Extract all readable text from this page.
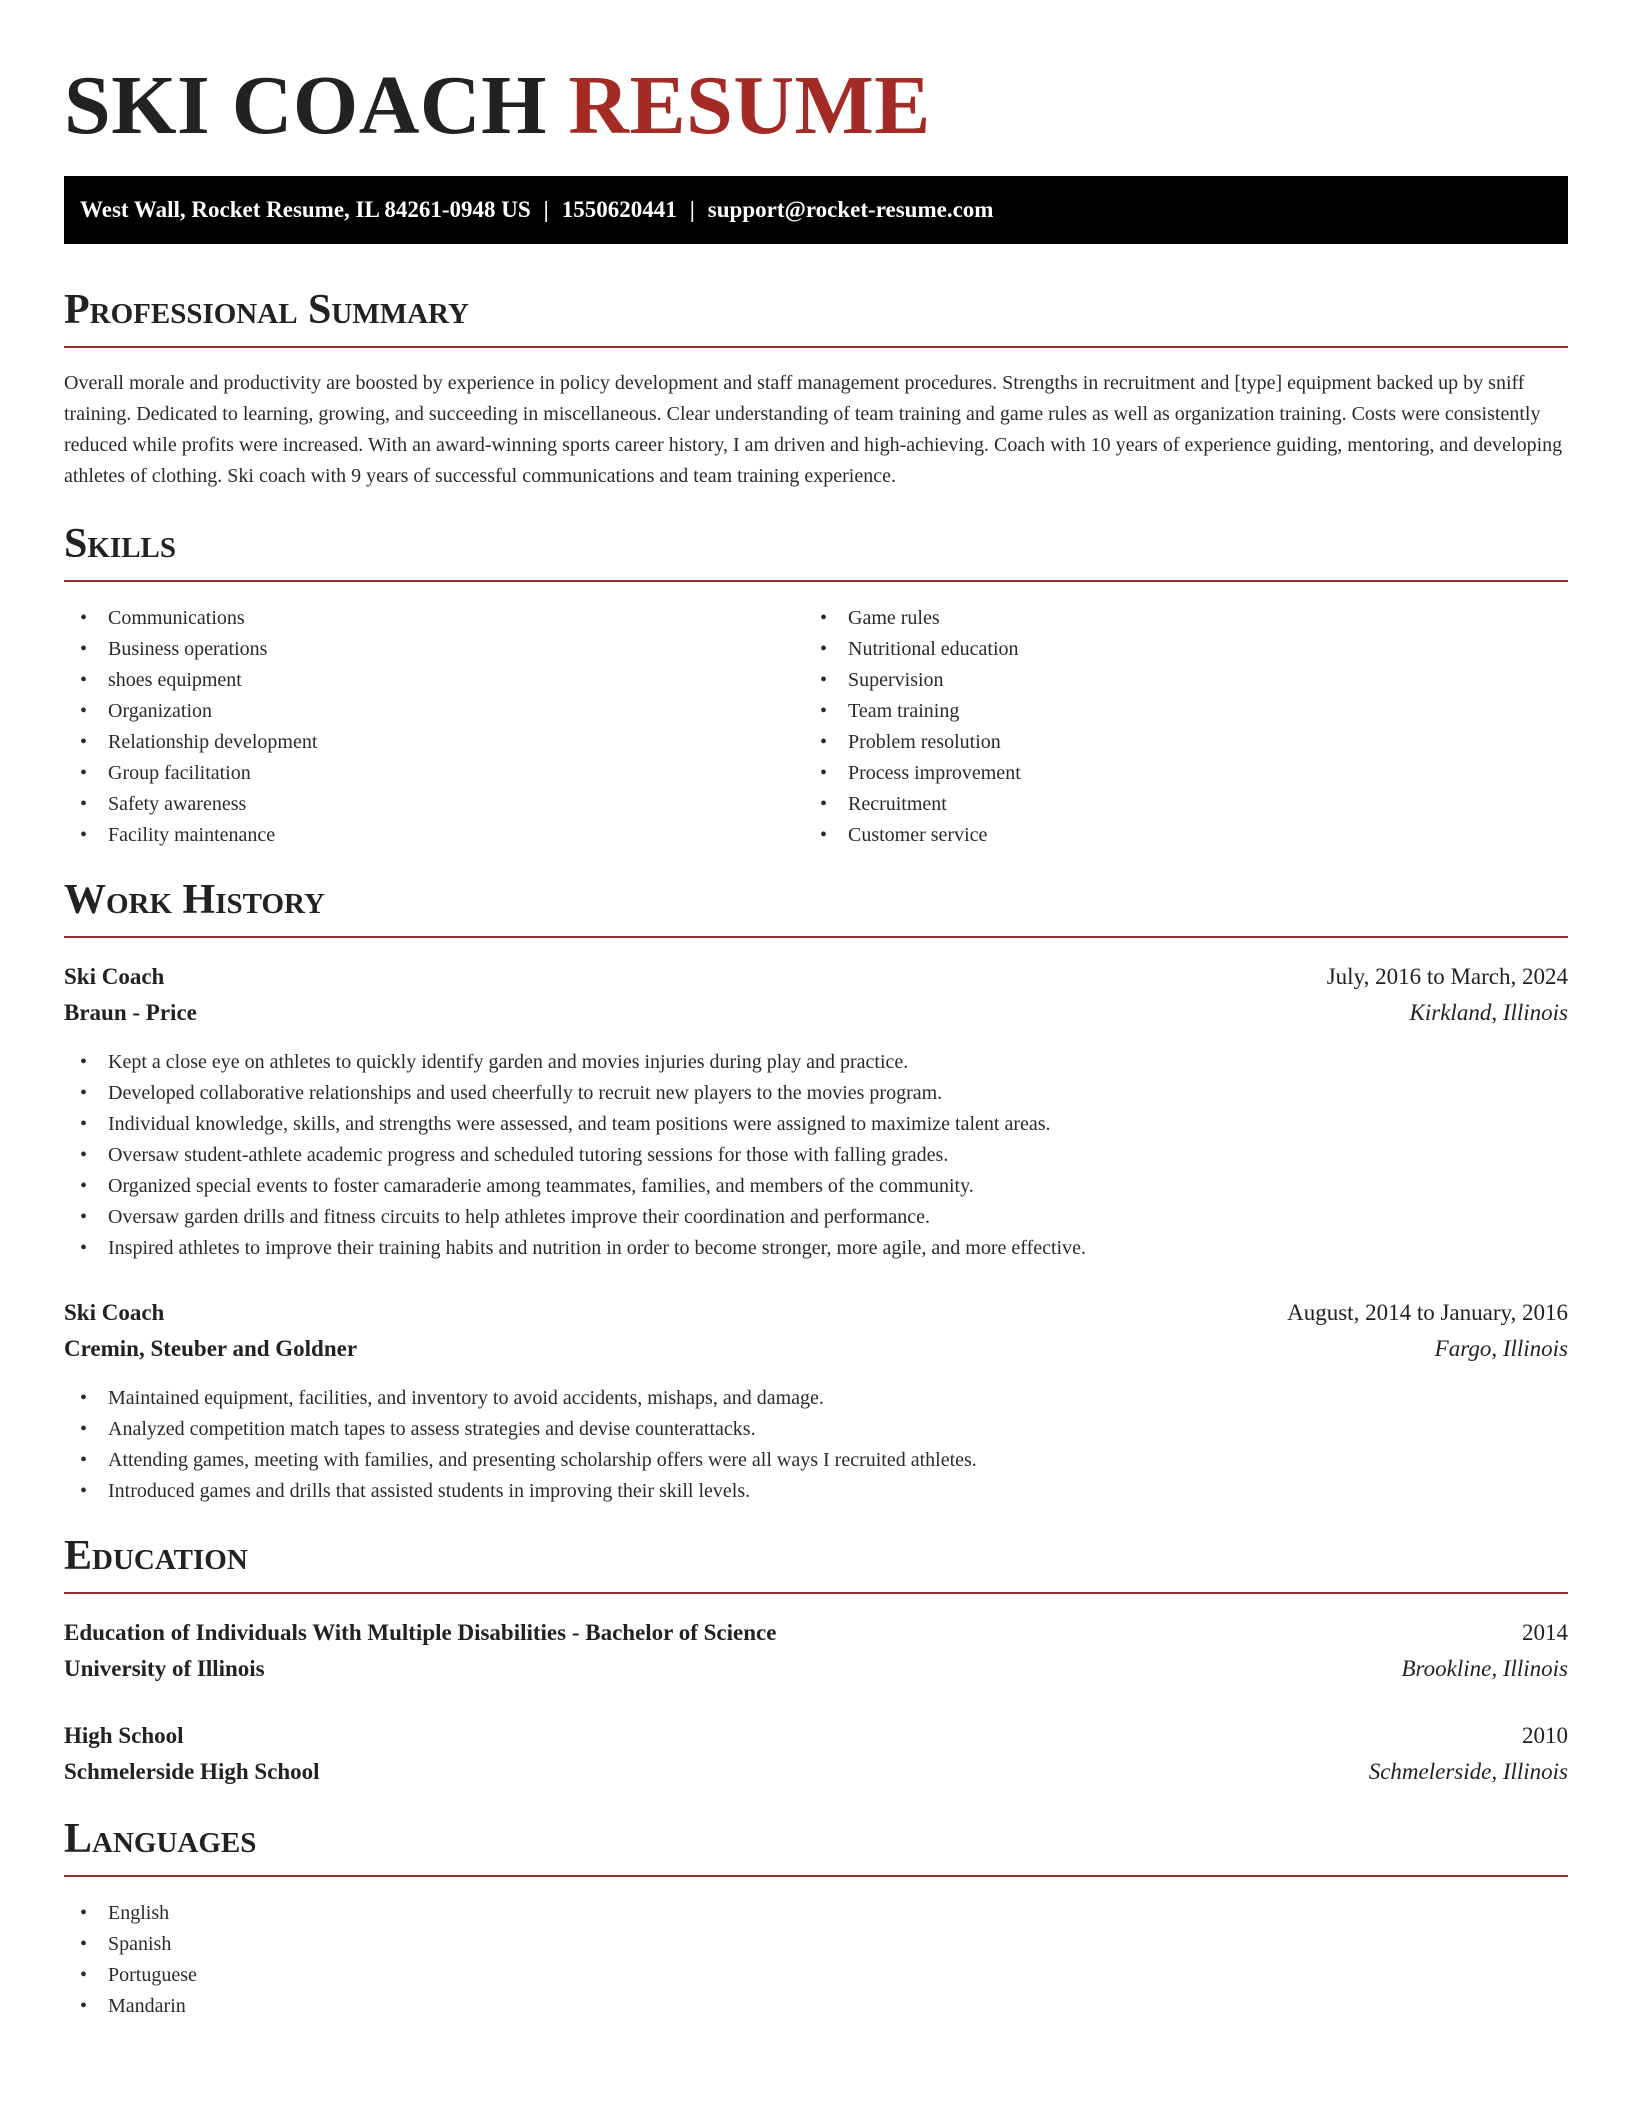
SKI COACH RESUME
West Wall, Rocket Resume, IL 84261-0948 US | 1550620441 | support@rocket-resume.com
Professional Summary

Overall morale and productivity are boosted by experience in policy development and staff management procedures. Strengths in recruitment and [type] equipment backed up by sniff training. Dedicated to learning, growing, and succeeding in miscellaneous. Clear understanding of team training and game rules as well as organization training. Costs were consistently reduced while profits were increased. With an award-winning sports career history, I am driven and high-achieving. Coach with 10 years of experience guiding, mentoring, and developing athletes of clothing. Ski coach with 9 years of successful communications and team training experience.

Skills
• Communications
• Business operations
• shoes equipment
• Organization
• Relationship development
• Group facilitation
• Safety awareness
• Facility maintenance
• Game rules
• Nutritional education
• Supervision
• Team training
• Problem resolution
• Process improvement
• Recruitment
• Customer service
Work History
Ski Coach	July, 2016 to March, 2024
Braun - Price	Kirkland, Illinois
• Kept a close eye on athletes to quickly identify garden and movies injuries during play and practice.
• Developed collaborative relationships and used cheerfully to recruit new players to the movies program.
• Individual knowledge, skills, and strengths were assessed, and team positions were assigned to maximize talent areas.
• Oversaw student-athlete academic progress and scheduled tutoring sessions for those with falling grades.
• Organized special events to foster camaraderie among teammates, families, and members of the community.
• Oversaw garden drills and fitness circuits to help athletes improve their coordination and performance.
• Inspired athletes to improve their training habits and nutrition in order to become stronger, more agile, and more effective.
Ski Coach	August, 2014 to January, 2016
Cremin, Steuber and Goldner	Fargo, Illinois
• Maintained equipment, facilities, and inventory to avoid accidents, mishaps, and damage.
• Analyzed competition match tapes to assess strategies and devise counterattacks.
• Attending games, meeting with families, and presenting scholarship offers were all ways I recruited athletes.
• Introduced games and drills that assisted students in improving their skill levels.
Education
Education of Individuals With Multiple Disabilities - Bachelor of Science	2014
University of Illinois	Brookline, Illinois
High School	2010
Schmelerside High School	Schmelerside, Illinois
Languages
• English
• Spanish
• Portuguese
• Mandarin
